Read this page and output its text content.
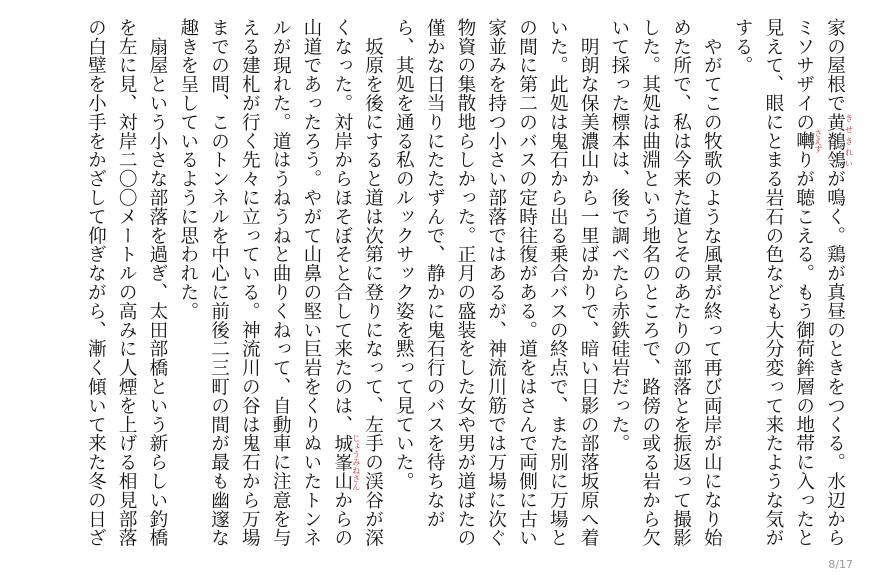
家の屋根で黄鶺鴒 きせきれいが鳴く。鶏が真昼のときをつくる。水辺からミソサザイの囀 さえずりが聴こえる。もう御荷鉾層の地帯に入ったと見えて、眼にとまる岩石の色なども大分変って来たような気がする。

　やがてこの牧歌のような風景が終って再び両岸が山になり始めた所で、私は今来た道とそのあたりの部落とを振返って撮影した。其処は曲淵という地名のところで、路傍の或る岩から欠いて採った標本は、後で調べたら赤鉄硅岩だった。

　明朗な保美濃山から一里ばかりで、暗い日影の部落坂原へ着いた。此処は鬼石から出る乗合バスの終点で、また別に万場との間に第二のバスの定時往復がある。道をはさんで両側に古い家並みを持つ小さい部落ではあるが、神流川筋では万場に次ぐ物資の集散地らしかった。正月の盛装をした女や男が道ばたの僅かな日当りにたたずんで、静かに鬼石行のバスを待ちながら、其処を通る私のルックサック姿を黙って見ていた。

　坂原を後にすると道は次第に登りになって、左手の渓谷が深くなった。対岸からほそぼそと合して来たのは、城峯山 じょうみねさんからの山道であったろう。やがて山鼻の堅い巨岩をくりぬいたトンネルが現れた。道はうねうねと曲りくねって、自動車に注意を与える建札が行く先々に立っている。神流川の谷は鬼石から万場までの間、このトンネルを中心に前後二三町の間が最も幽邃な趣きを呈しているように思われた。

　扇屋という小さな部落を過ぎ、太田部橋という新らしい釣橋を左に見、対岸二〇〇メートルの高みに人煙を上げる相見部落の白壁を小手をかざして仰ぎながら、漸く傾いて来た冬の日ざ

8/17
